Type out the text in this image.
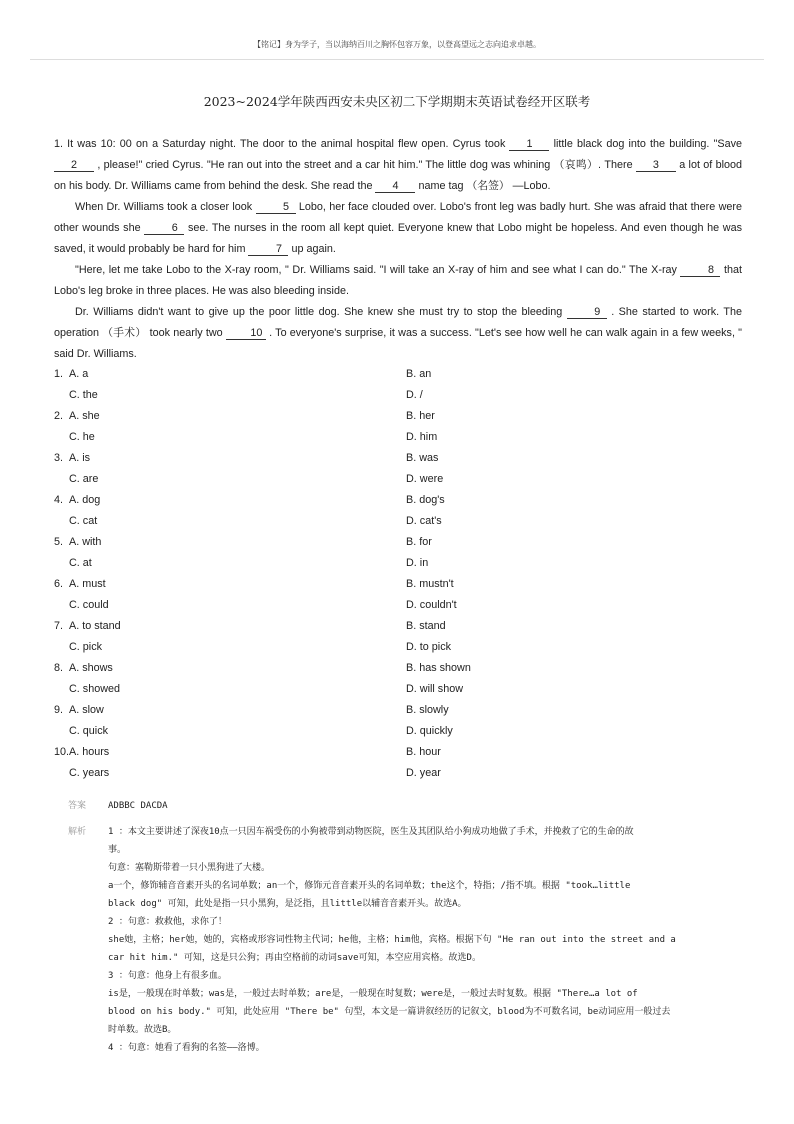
【铭记】身为学子，当以海纳百川之胸怀包容万象，以登高望远之志向追求卓越。
2023~2024学年陕西西安未央区初二下学期期末英语试卷经开区联考

1. It was 10: 00 on a Saturday night. The door to the animal hospital flew open. Cyrus took 1 little black dog into the building. "Save 2 , please!" cried Cyrus. "He ran out into the street and a car hit him." The little dog was whining （哀鸣）. There 3 a lot of blood on his body. Dr. Williams came from behind the desk. She read the 4 name tag （名签） —Lobo.

When Dr. Williams took a closer look	5 Lobo, her face clouded over. Lobo's front leg was badly hurt. She was afraid that there were other wounds she	6 see. The nurses in the room all kept quiet. Everyone knew that Lobo might be hopeless. And even though he was saved, it would probably be hard for him	7 up again.

"Here, let me take Lobo to the X-ray room, " Dr. Williams said. "I will take an X-ray of him and see what I can do." The X-ray	8 that Lobo's leg broke in three places. He was also bleeding inside.

Dr. Williams didn't want to give up the poor little dog. She knew she must try to stop the bleeding	9 . She started to work. The operation （手术） took nearly two 10 . To everyone's surprise, it was a success. "Let's see how well he can walk again in a few weeks, " said Dr. Williams.

1. A. a	B. an
C. the	D. /
2. A. she	B. her
C. he	D. him
3. A. is	B. was
C. are	D. were
4. A. dog	B. dog's
C. cat	D. cat's
5. A. with	B. for
C. at	D. in
6. A. must	B. mustn't
C. could	D. couldn't
7. A. to stand	B. stand
C. pick	D. to pick
8. A. shows	B. has shown
C. showed	D. will show
9. A. slow	B. slowly
C. quick	D. quickly
10. A. hours	B. hour
C. years	D. year
答案 ADBBC DACDA
解析 1 ：本文主要讲述了深夜10点一只因车祸受伤的小狗被带到动物医院，医生及其团队给小狗成功地做了手术，并挽救了它的生命的故
事。
句意：塞勒斯带着一只小黑狗进了大楼。
a一个，修饰辅音音素开头的名词单数；an一个，修饰元音音素开头的名词单数；the这个，特指；/指不填。根据 "took…little
black dog" 可知，此处是指一只小黑狗，是泛指，且little以辅音音素开头。故选A。
2 ：句意：救救他，求你了！
she她，主格；her她，她的，宾格或形容词性物主代词；he他，主格；him他，宾格。根据下句 "He ran out into the street and a
car hit him." 可知，这是只公狗；再由空格前的动词save可知，本空应用宾格。故选D。
3 ：句意：他身上有很多血。
is是，一般现在时单数；was是，一般过去时单数；are是，一般现在时复数；were是，一般过去时复数。根据 "There…a lot of
blood on his body." 可知，此处应用 "There be" 句型，本文是一篇讲叙经历的记叙文，blood为不可数名词，be动词应用一般过去
时单数。故选B。
4 ：句意：她看了看狗的名签——洛博。
